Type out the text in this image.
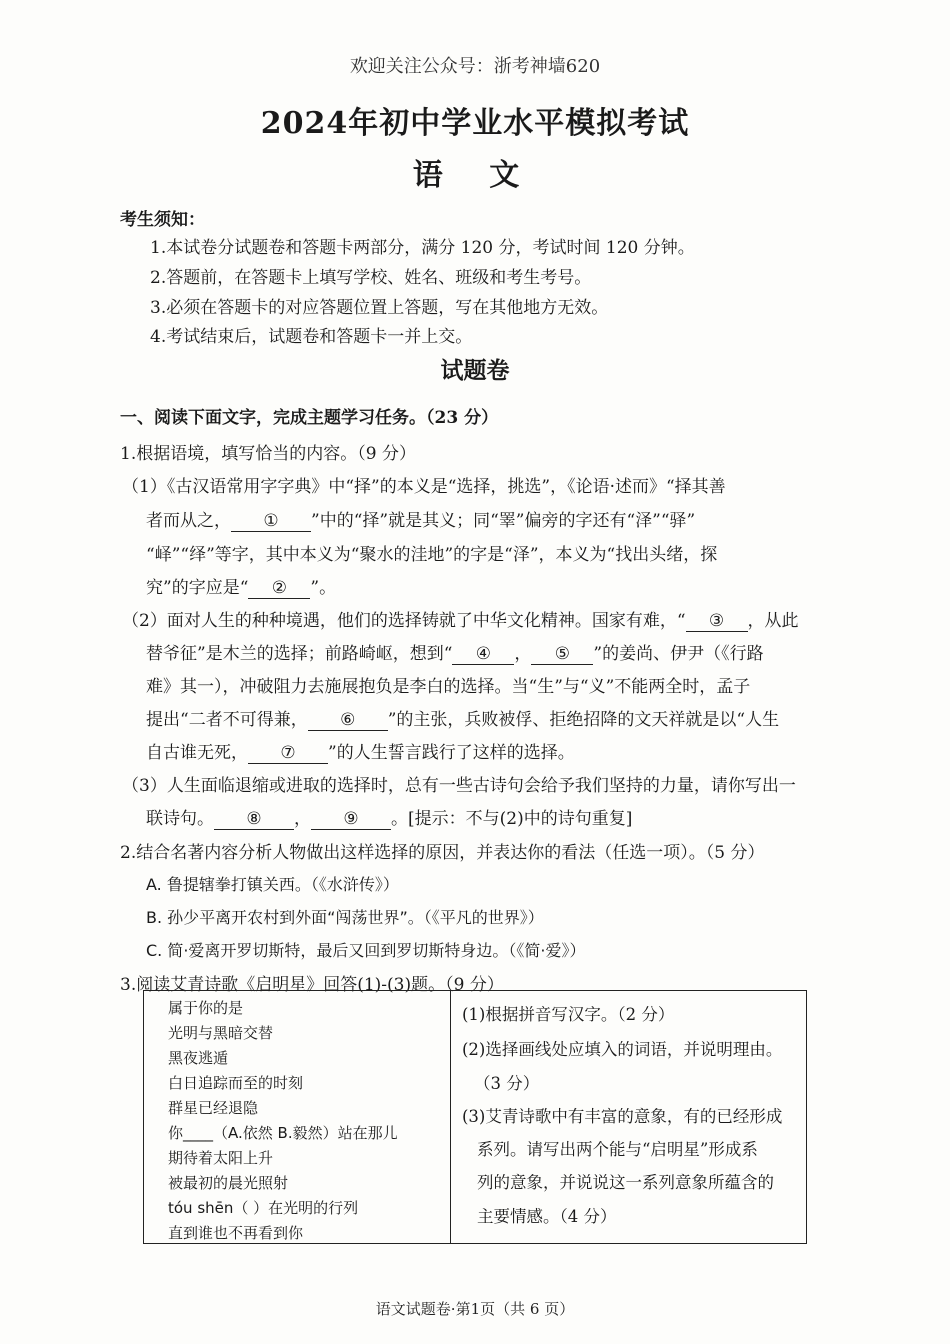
欢迎关注公众号：浙考神墙620
2024年初中学业水平模拟考试
语 文
考生须知：
1.本试卷分试题卷和答题卡两部分，满分 120 分，考试时间 120 分钟。
2.答题前，在答题卡上填写学校、姓名、班级和考生考号。
3.必须在答题卡的对应答题位置上答题，写在其他地方无效。
4.考试结束后，试题卷和答题卡一并上交。
试题卷
一、阅读下面文字，完成主题学习任务。（23 分）
1.根据语境，填写恰当的内容。（9 分）
（1）《古汉语常用字字典》中“择”的本义是“选择，挑选”，《论语·述而》“择其善
者而从之， ① ”中的“择”就是其义；同“睪”偏旁的字还有“泽”“驿”
“峄”“绎”等字，其中本义为“聚水的洼地”的字是“泽”，本义为“找出头绪，探
究”的字应是“ ② ”。
（2）面对人生的种种境遇，他们的选择铸就了中华文化精神。国家有难，“ ③ ，从此
替爷征”是木兰的选择；前路崎岖，想到“ ④ ， ⑤ ”的姜尚、伊尹（《行路
难》其一），冲破阻力去施展抱负是李白的选择。当“生”与“义”不能两全时，孟子
提出“二者不可得兼， ⑥ ”的主张，兵败被俘、拒绝招降的文天祥就是以“人生
自古谁无死， ⑦ ”的人生誓言践行了这样的选择。
（3）人生面临退缩或进取的选择时，总有一些古诗句会给予我们坚持的力量，请你写出一
联诗句。 ⑧ ， ⑨ 。[提示：不与(2)中的诗句重复]
2.结合名著内容分析人物做出这样选择的原因，并表达你的看法（任选一项）。（5 分）
A. 鲁提辖拳打镇关西。（《水浒传》）
B. 孙少平离开农村到外面“闯荡世界”。（《平凡的世界》）
C. 简·爱离开罗切斯特，最后又回到罗切斯特身边。（《简·爱》）
3.阅读艾青诗歌《启明星》回答(1)-(3)题。（9 分）
属于你的是
光明与黑暗交替
黑夜逃遁
白日追踪而至的时刻
群星已经退隐
你____（A.依然 B.毅然）站在那儿
期待着太阳上升
被最初的晨光照射
tóu shēn（ ）在光明的行列
直到谁也不再看到你
(1)根据拼音写汉字。（2 分）
(2)选择画线处应填入的词语，并说明理由。
（3 分）
(3)艾青诗歌中有丰富的意象，有的已经形成
系列。请写出两个能与“启明星”形成系
列的意象，并说说这一系列意象所蕴含的
主要情感。（4 分）
语文试题卷·第1页（共 6 页）
